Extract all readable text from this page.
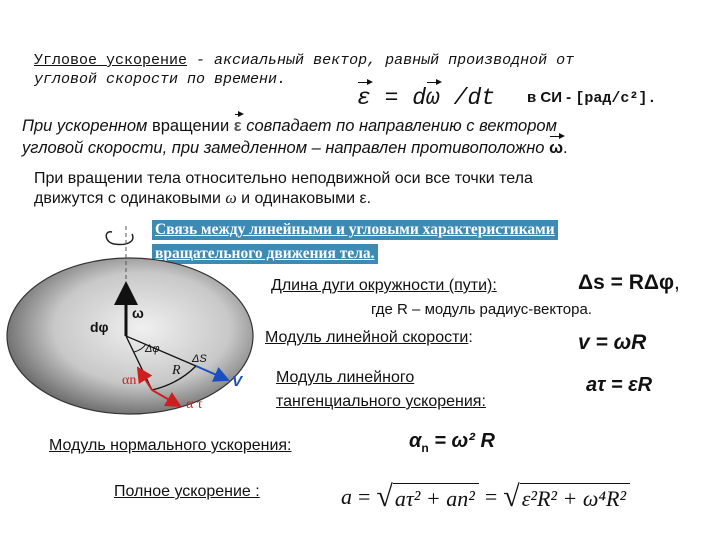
Угловое ускорение - аксиальный вектор, равный производной от
угловой скорости по времени.
ε = dω /dt в СИ - [рад/с²].
При ускоренном вращении ε совпадает по направлению с вектором
угловой скорости, при замедленном – направлен противоположно ω.
При вращении тела относительно неподвижной оси все точки тела
движутся с одинаковыми ω и одинаковыми ε.
Связь между линейными и угловыми характеристиками
вращательного движения тела.
dφ
ω
Δφ
ΔS
R
αn
α τ
V
Длина дуги окружности (пути):	Δs = RΔφ,
где R – модуль радиус-вектора.
Модуль линейной скорости:	v = ωR
Модуль линейного
тангенциального ускорения:
aτ = εR
Модуль нормального ускорения:	$\alpha_n = \omega^2$ R
Полное ускорение :	a = √ aτ² + an² = √ ε²R² + ω⁴R²
